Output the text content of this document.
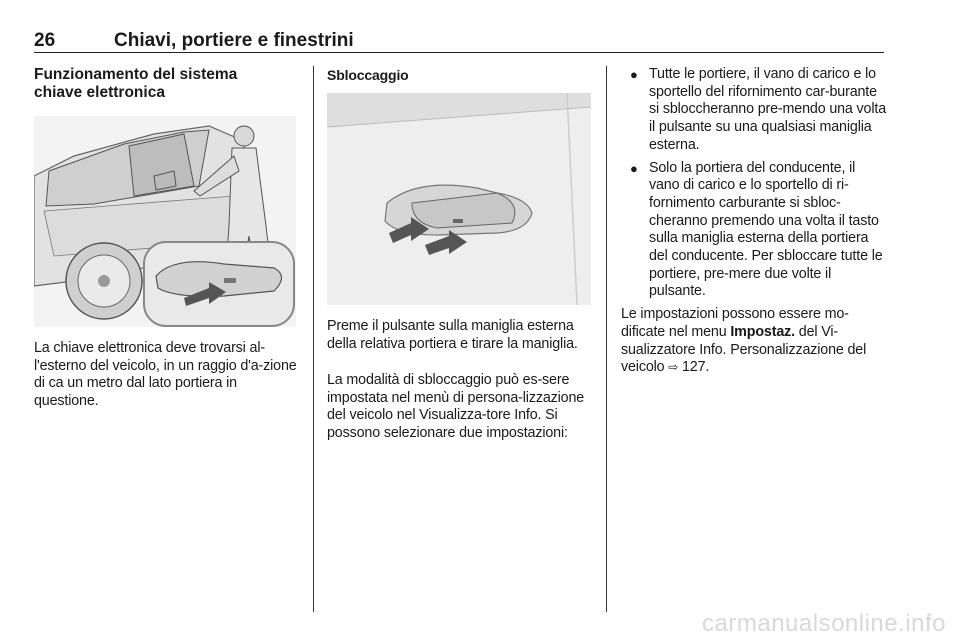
26	Chiavi, portiere e finestrini
Funzionamento del sistema
chiave elettronica

La chiave elettronica deve trovarsi al-l'esterno del veicolo, in un raggio d'a-zione di ca un metro dal lato portiera in questione.

Sbloccaggio

Preme il pulsante sulla maniglia esterna della relativa portiera e tirare la maniglia.

La modalità di sbloccaggio può es-sere impostata nel menù di persona-lizzazione del veicolo nel Visualizza-tore Info. Si possono selezionare due impostazioni:

● Tutte le portiere, il vano di carico e lo sportello del rifornimento car-burante si sbloccheranno pre-mendo una volta il pulsante su una qualsiasi maniglia esterna.
● Solo la portiera del conducente, il vano di carico e lo sportello di ri-fornimento carburante si sbloc-cheranno premendo una volta il tasto sulla maniglia esterna della portiera del conducente. Per sbloccare tutte le portiere, pre-mere due volte il pulsante.

Le impostazioni possono essere mo-dificate nel menu Impostaz. del Vi-sualizzatore Info. Personalizzazione del veicolo ⇨ 127.

carmanualsonline.info
